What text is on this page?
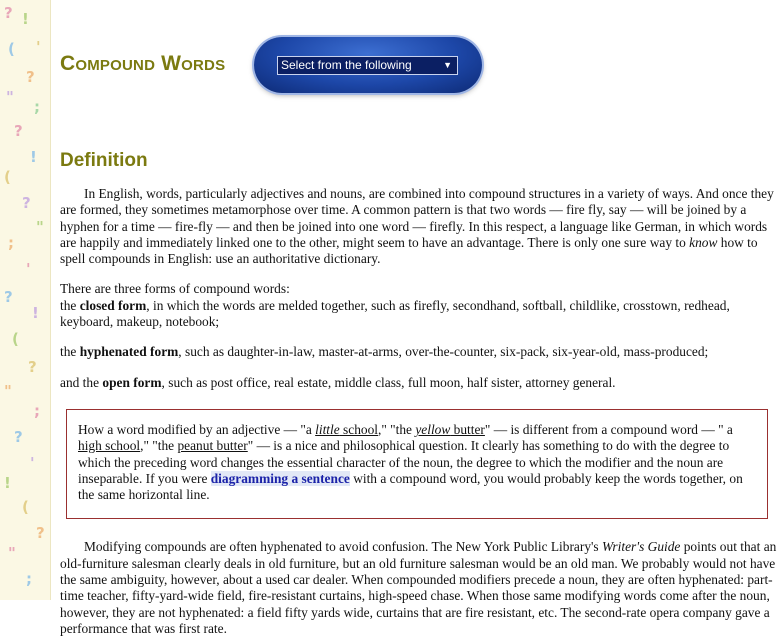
? !
'
(
?
"
;
?
!
(
?
"
;
'
?
!
(
?
"
;
?
'
!
(
?
"
;
Compound Words	Select from the following	▼
Definition

In English, words, particularly adjectives and nouns, are combined into compound structures in a variety of ways. And once they are formed, they sometimes metamorphose over time. A common pattern is that two words — fire fly, say — will be joined by a hyphen for a time — fire-fly — and then be joined into one word — firefly. In this respect, a language like German, in which words are happily and immediately linked one to the other, might seem to have an advantage. There is only one sure way to know how to spell compounds in English: use an authoritative dictionary.

There are three forms of compound words:

the closed form, in which the words are melded together, such as firefly, secondhand, softball, childlike, crosstown, redhead, keyboard, makeup, notebook;

the hyphenated form, such as daughter-in-law, master-at-arms, over-the-counter, six-pack, six-year-old, mass-produced;

and the open form, such as post office, real estate, middle class, full moon, half sister, attorney general.

How a word modified by an adjective — "a little school," "the yellow butter" — is different from a compound word — " a high school," "the peanut butter" — is a nice and philosophical question. It clearly has something to do with the degree to which the preceding word changes the essential character of the noun, the degree to which the modifier and the noun are inseparable. If you were diagramming a sentence with a compound word, you would probably keep the words together, on the same horizontal line.

Modifying compounds are often hyphenated to avoid confusion. The New York Public Library's Writer's Guide points out that an old-furniture salesman clearly deals in old furniture, but an old furniture salesman would be an old man. We probably would not have the same ambiguity, however, about a used car dealer. When compounded modifiers precede a noun, they are often hyphenated: part-time teacher, fifty-yard-wide field, fire-resistant curtains, high-speed chase. When those same modifying words come after the noun, however, they are not hyphenated: a field fifty yards wide, curtains that are fire resistant, etc. The second-rate opera company gave a performance that was first rate.
